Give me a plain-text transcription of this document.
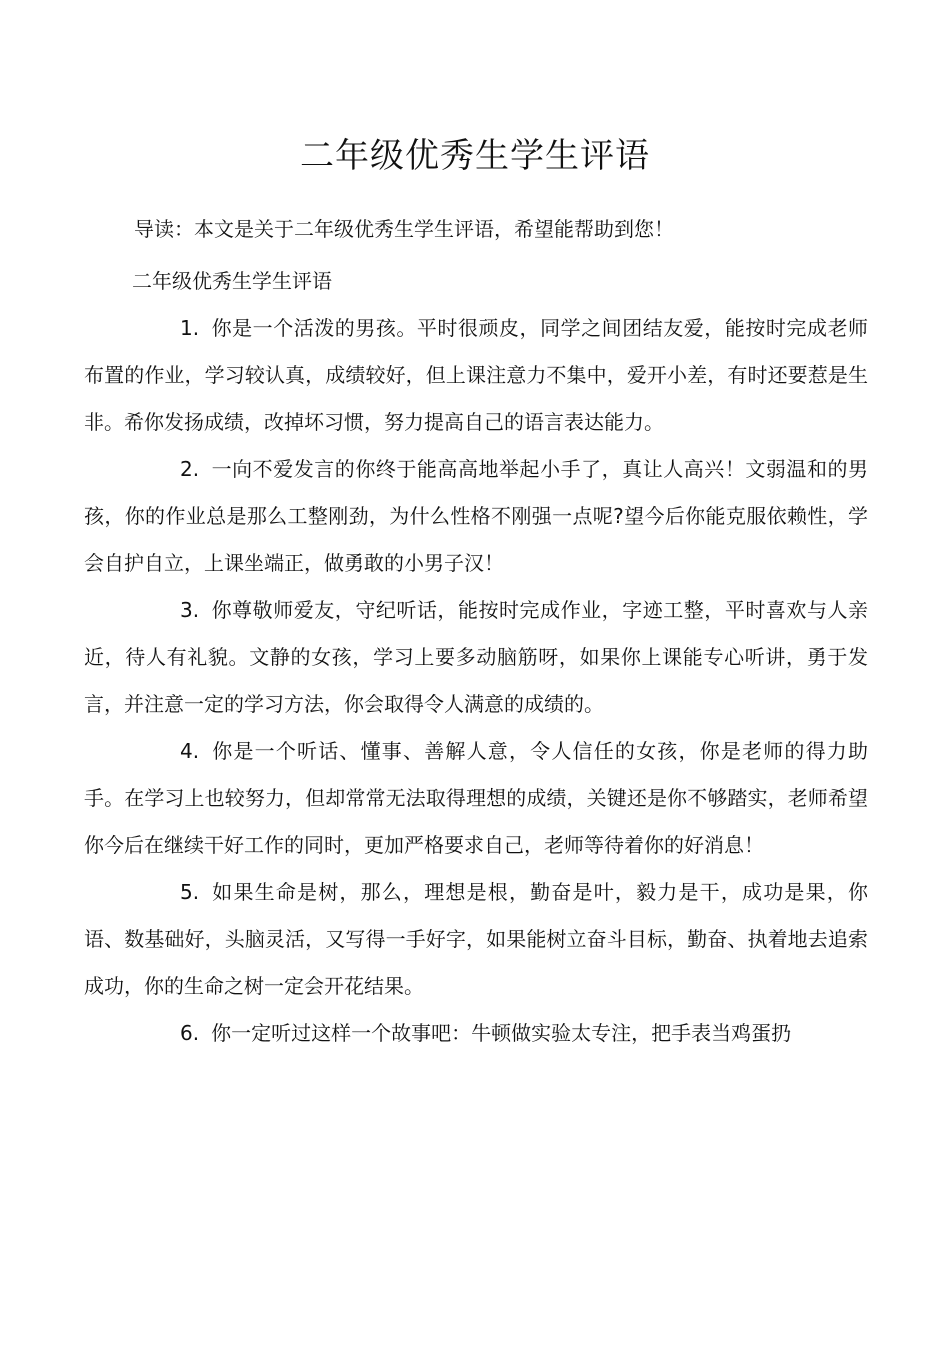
二年级优秀生学生评语
导读：本文是关于二年级优秀生学生评语，希望能帮助到您！

二年级优秀生学生评语

1. 你是一个活泼的男孩。平时很顽皮，同学之间团结友爱，能按时完成老师布置的作业，学习较认真，成绩较好，但上课注意力不集中，爱开小差，有时还要惹是生非。希你发扬成绩，改掉坏习惯，努力提高自己的语言表达能力。

2. 一向不爱发言的你终于能高高地举起小手了，真让人高兴！文弱温和的男孩，你的作业总是那么工整刚劲，为什么性格不刚强一点呢?望今后你能克服依赖性，学会自护自立，上课坐端正，做勇敢的小男子汉！

3. 你尊敬师爱友，守纪听话，能按时完成作业，字迹工整，平时喜欢与人亲近，待人有礼貌。文静的女孩，学习上要多动脑筋呀，如果你上课能专心听讲，勇于发言，并注意一定的学习方法，你会取得令人满意的成绩的。

4. 你是一个听话、懂事、善解人意，令人信任的女孩，你是老师的得力助手。在学习上也较努力，但却常常无法取得理想的成绩，关键还是你不够踏实，老师希望你今后在继续干好工作的同时，更加严格要求自己，老师等待着你的好消息！

5. 如果生命是树，那么，理想是根，勤奋是叶，毅力是干，成功是果，你语、数基础好，头脑灵活，又写得一手好字，如果能树立奋斗目标，勤奋、执着地去追索成功，你的生命之树一定会开花结果。

6. 你一定听过这样一个故事吧：牛顿做实验太专注，把手表当鸡蛋扔
